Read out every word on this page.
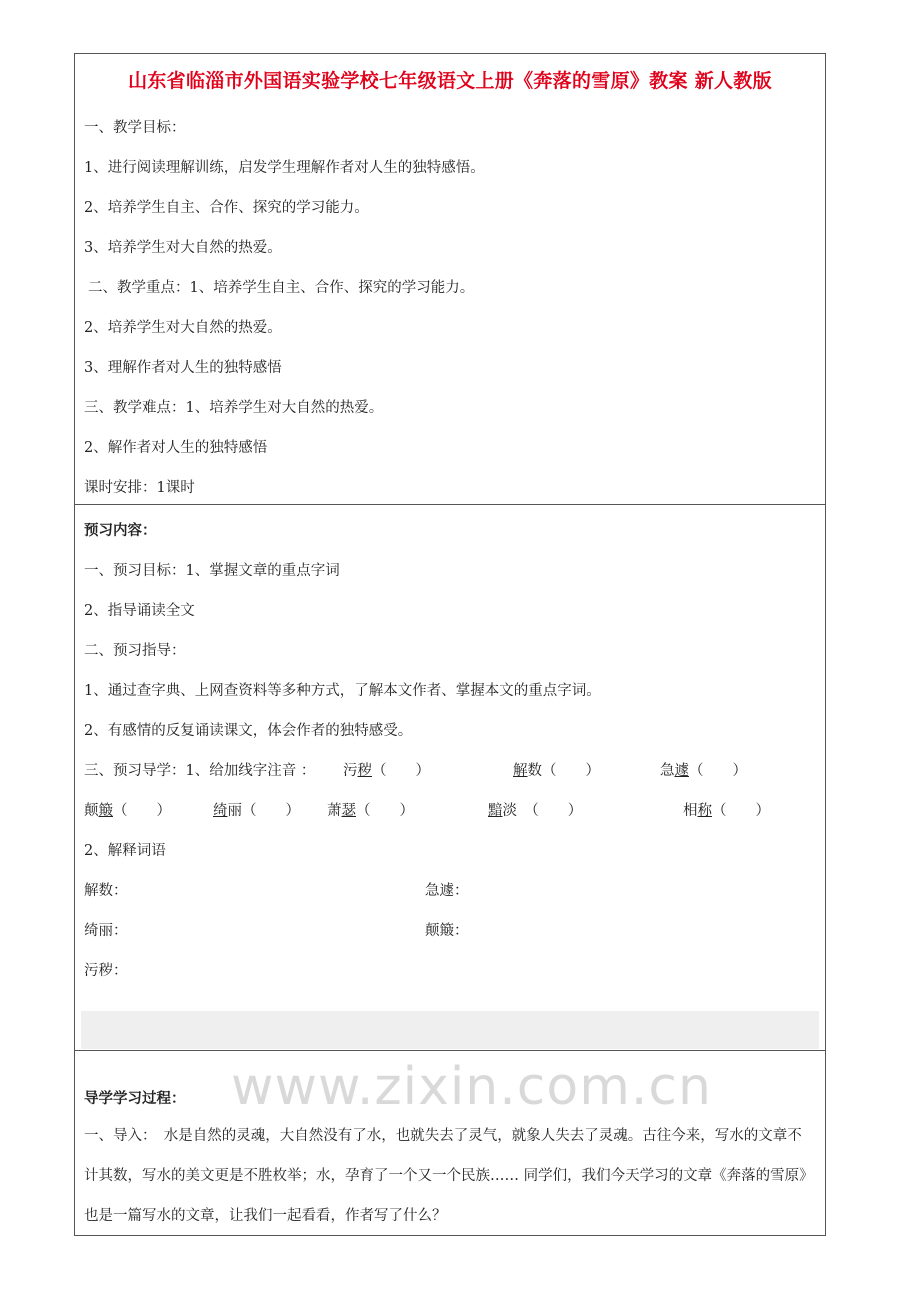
山东省临淄市外国语实验学校七年级语文上册《奔落的雪原》教案 新人教版
一、教学目标：
1、进行阅读理解训练，启发学生理解作者对人生的独特感悟。
2、培养学生自主、合作、探究的学习能力。
3、培养学生对大自然的热爱。
二、教学重点：1、培养学生自主、合作、探究的学习能力。
2、培养学生对大自然的热爱。
3、理解作者对人生的独特感悟
三、教学难点：1、培养学生对大自然的热爱。
2、解作者对人生的独特感悟
课时安排：1课时
预习内容：
一、预习目标：1、掌握文章的重点字词
2、指导诵读全文
二、预习指导：
1、通过查字典、上网查资料等多种方式，了解本文作者、掌握本文的重点字词。
2、有感情的反复诵读课文，体会作者的独特感受。
三、预习导学：1、给加线字注音 ： 污秽（　　）	解数（　　）	急遽（　　）
颠簸（　　）	绮丽（　　） 萧瑟（　　）	黯淡　（　　）	相称（　　）
2、解释词语
解数：	急遽：
绮丽：	颠簸：
污秽：
www.zixin.com.cn
导学学习过程：
一、导入：　水是自然的灵魂，大自然没有了水，也就失去了灵气，就象人失去了灵魂。古往今来，写水的文章不计其数，写水的美文更是不胜枚举；水，孕育了一个又一个民族…… 同学们，我们今天学习的文章《奔落的雪原》也是一篇写水的文章，让我们一起看看，作者写了什么？
